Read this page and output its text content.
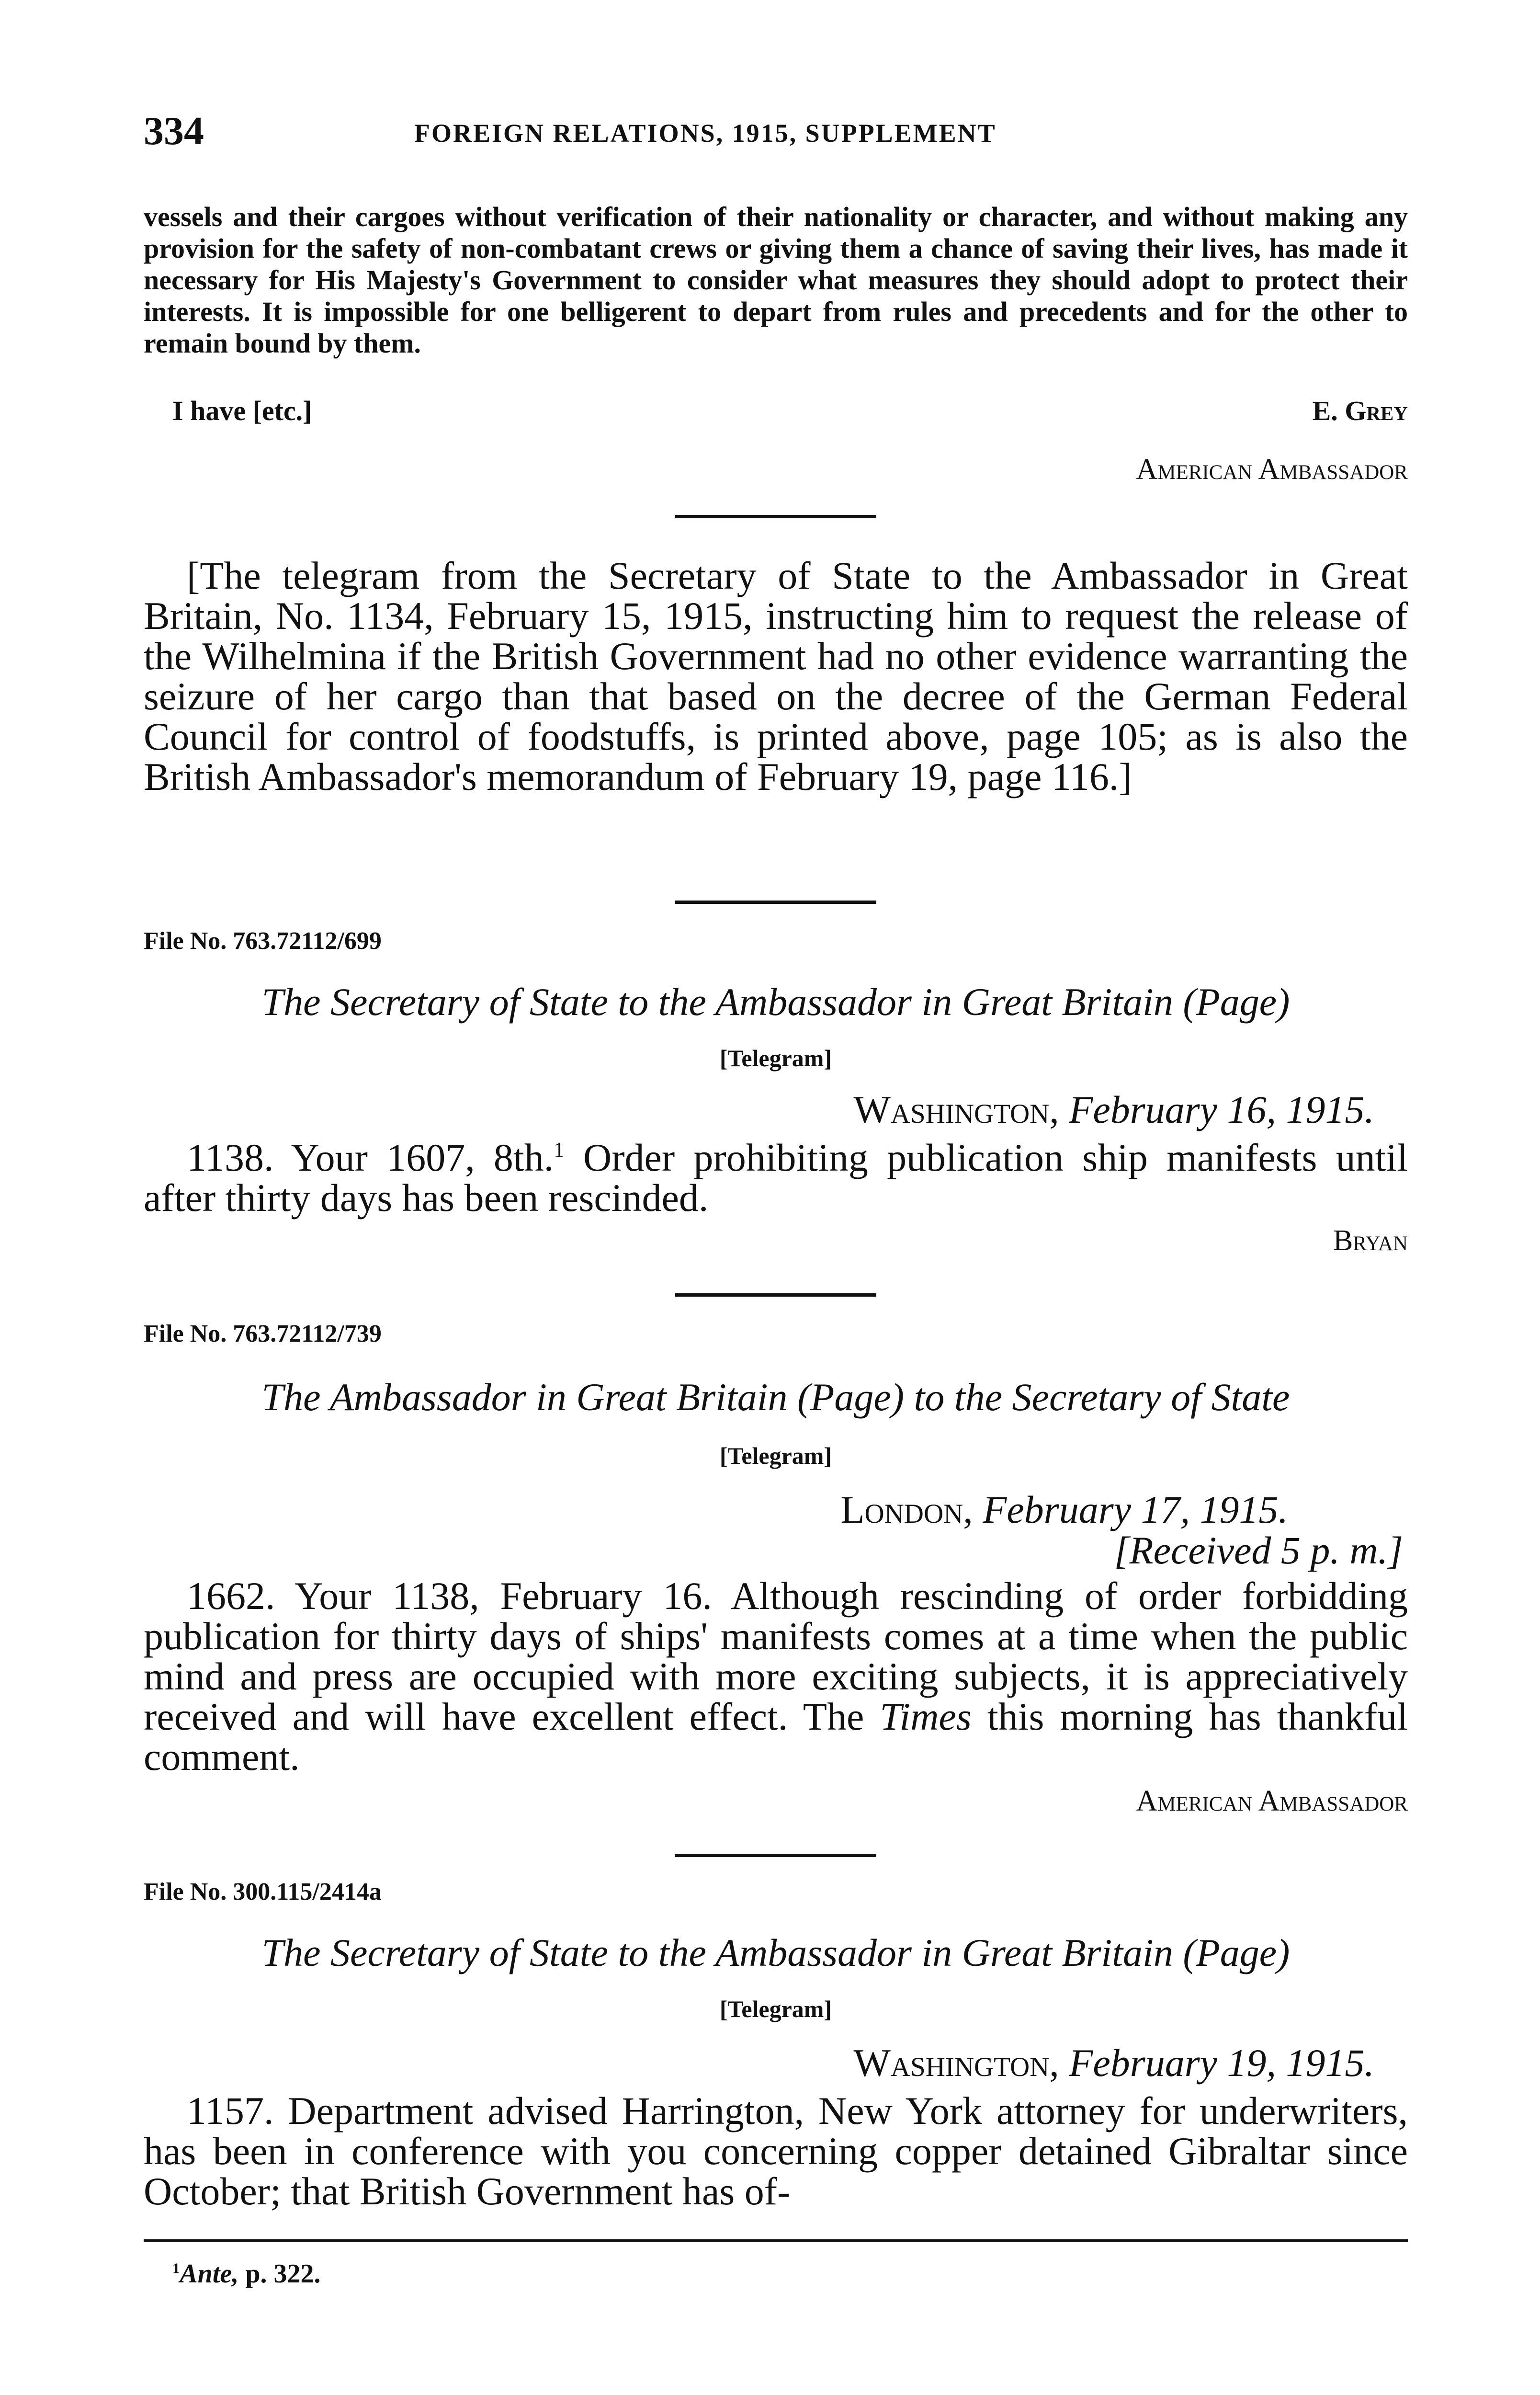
334	FOREIGN RELATIONS, 1915, SUPPLEMENT
vessels and their cargoes without verification of their nationality or character, and without making any provision for the safety of non-combatant crews or giving them a chance of saving their lives, has made it necessary for His Majesty's Government to consider what measures they should adopt to protect their interests. It is impossible for one belligerent to depart from rules and precedents and for the other to remain bound by them.
I have [etc.]	E. Grey
American Ambassador
[The telegram from the Secretary of State to the Ambassador in Great Britain, No. 1134, February 15, 1915, instructing him to request the release of the Wilhelmina if the British Government had no other evidence warranting the seizure of her cargo than that based on the decree of the German Federal Council for control of foodstuffs, is printed above, page 105; as is also the British Ambassador's memorandum of February 19, page 116.]
File No. 763.72112/699
The Secretary of State to the Ambassador in Great Britain (Page)
[Telegram]
Washington, February 16, 1915.
1138. Your 1607, 8th.$^1$ Order prohibiting publication ship manifests until after thirty days has been rescinded.
Bryan
File No. 763.72112/739
The Ambassador in Great Britain (Page) to the Secretary of State
[Telegram]
London, February 17, 1915.
[Received 5 p. m.]
1662. Your 1138, February 16. Although rescinding of order forbidding publication for thirty days of ships' manifests comes at a time when the public mind and press are occupied with more exciting subjects, it is appreciatively received and will have excellent effect. The Times this morning has thankful comment.
American Ambassador
File No. 300.115/2414a
The Secretary of State to the Ambassador in Great Britain (Page)
[Telegram]
Washington, February 19, 1915.
1157. Department advised Harrington, New York attorney for underwriters, has been in conference with you concerning copper detained Gibraltar since October; that British Government has of-
$^1$Ante, p. 322.
